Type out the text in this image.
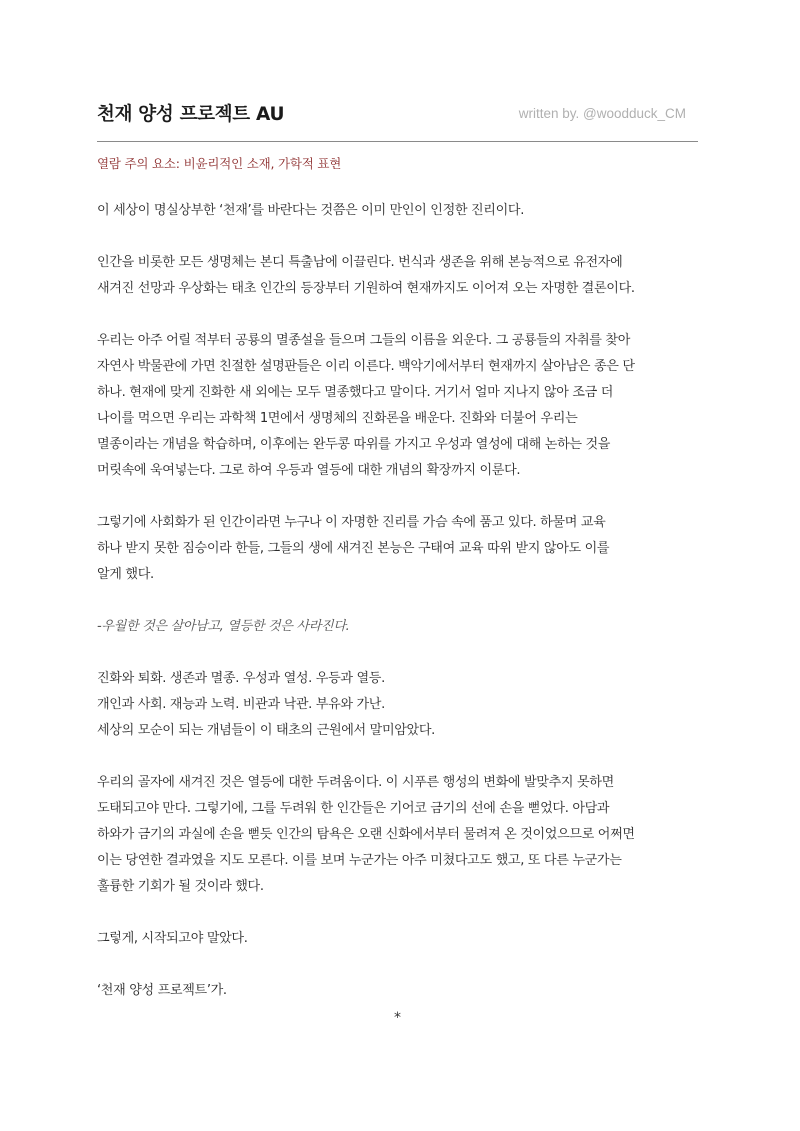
천재 양성 프로젝트 AU	written by. @woodduck_CM
열람 주의 요소: 비윤리적인 소재, 가학적 표현

이 세상이 명실상부한 ‘천재’를 바란다는 것쯤은 이미 만인이 인정한 진리이다.

인간을 비롯한 모든 생명체는 본디 특출남에 이끌린다. 번식과 생존을 위해 본능적으로 유전자에
새겨진 선망과 우상화는 태초 인간의 등장부터 기원하여 현재까지도 이어져 오는 자명한 결론이다.

우리는 아주 어릴 적부터 공룡의 멸종설을 들으며 그들의 이름을 외운다. 그 공룡들의 자취를 찾아
자연사 박물관에 가면 친절한 설명판들은 이리 이른다. 백악기에서부터 현재까지 살아남은 종은 단
하나. 현재에 맞게 진화한 새 외에는 모두 멸종했다고 말이다. 거기서 얼마 지나지 않아 조금 더
나이를 먹으면 우리는 과학책 1면에서 생명체의 진화론을 배운다. 진화와 더불어 우리는
멸종이라는 개념을 학습하며, 이후에는 완두콩 따위를 가지고 우성과 열성에 대해 논하는 것을
머릿속에 욱여넣는다. 그로 하여 우등과 열등에 대한 개념의 확장까지 이룬다.

그렇기에 사회화가 된 인간이라면 누구나 이 자명한 진리를 가슴 속에 품고 있다. 하물며 교육
하나 받지 못한 짐승이라 한들, 그들의 생에 새겨진 본능은 구태여 교육 따위 받지 않아도 이를
알게 했다.

-우월한 것은 살아남고, 열등한 것은 사라진다.

진화와 퇴화. 생존과 멸종. 우성과 열성. 우등과 열등.
개인과 사회. 재능과 노력. 비관과 낙관. 부유와 가난.
세상의 모순이 되는 개념들이 이 태초의 근원에서 말미암았다.

우리의 골자에 새겨진 것은 열등에 대한 두려움이다. 이 시푸른 행성의 변화에 발맞추지 못하면
도태되고야 만다. 그렇기에, 그를 두려워 한 인간들은 기어코 금기의 선에 손을 뻗었다. 아담과
하와가 금기의 과실에 손을 뻗듯 인간의 탐욕은 오랜 신화에서부터 물려져 온 것이었으므로 어쩌면
이는 당연한 결과였을 지도 모른다. 이를 보며 누군가는 아주 미쳤다고도 했고, 또 다른 누군가는
훌륭한 기회가 될 것이라 했다.

그렇게, 시작되고야 말았다.

‘천재 양성 프로젝트’가.

*
